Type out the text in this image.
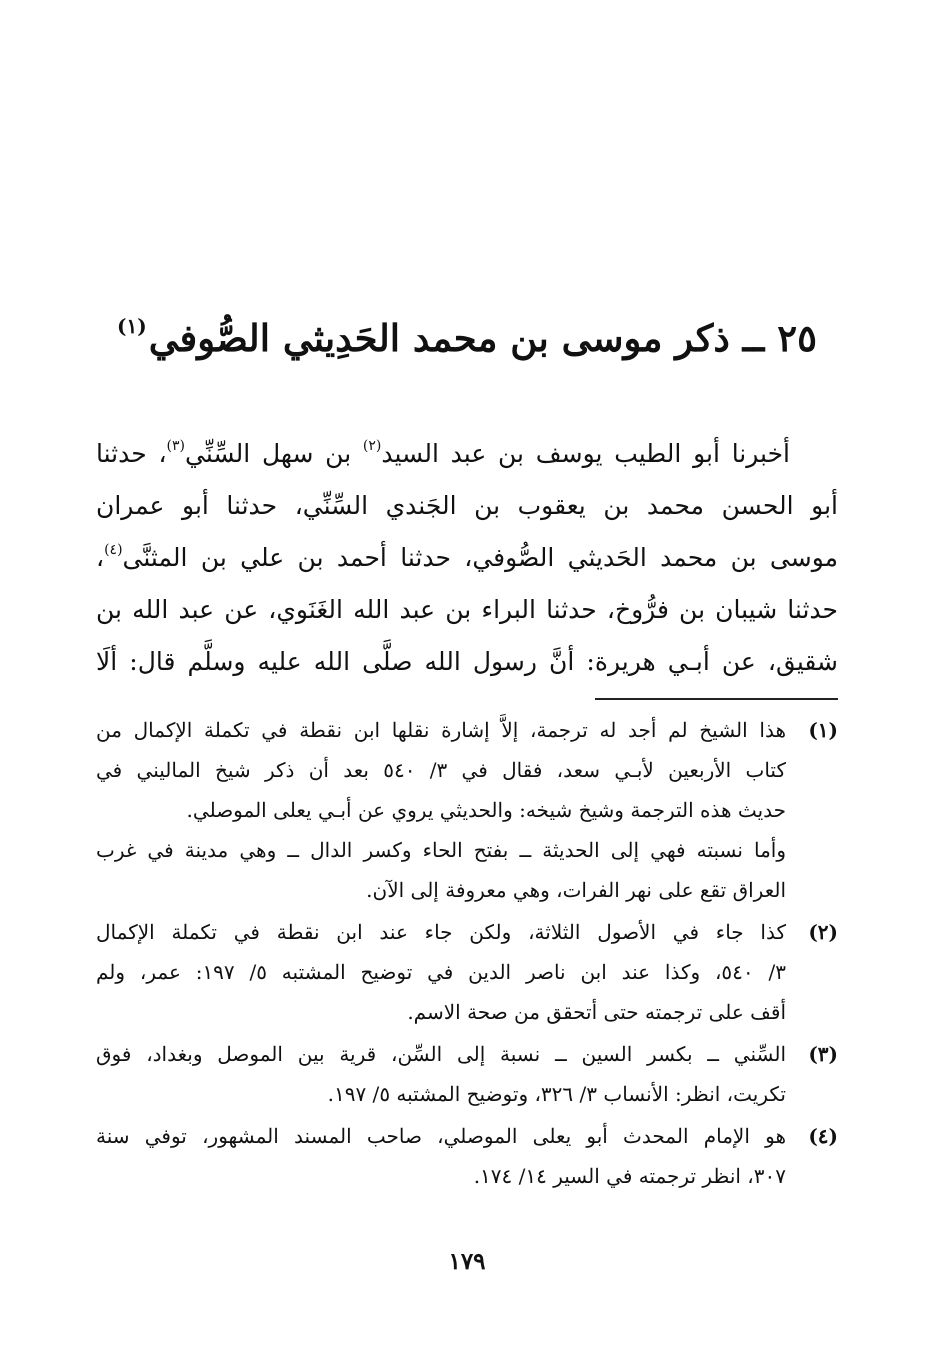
٢٥ ــ ذكر موسى بن محمد الحَدِيثي الصُّوفي$^{(١)}$
أخبرنا أبو الطيب يوسف بن عبد السيد$^{(٢)}$ بن سهل السِّنِّي$^{(٣)}$، حدثنا
أبو الحسن محمد بن يعقوب بن الجَندي السِّنِّي، حدثنا أبو عمران
موسى بن محمد الحَديثي الصُّوفي، حدثنا أحمد بن علي بن المثنَّى$^{(٤)}$،
حدثنا شيبان بن فرُّوخ، حدثنا البراء بن عبد الله الغَنَوي، عن عبد الله بن
شقيق، عن أبـي هريرة: أنَّ رسول الله صلَّى الله عليه وسلَّم قال: ألَا
(١)
هذا الشيخ لم أجد له ترجمة، إلاَّ إشارة نقلها ابن نقطة في تكملة الإكمال من
كتاب الأربعين لأبـي سعد، فقال في ٣/ ٥٤٠ بعد أن ذكر شيخ الماليني في
حديث هذه الترجمة وشيخ شيخه: والحديثي يروي عن أبـي يعلى الموصلي.
وأما نسبته فهي إلى الحديثة ــ بفتح الحاء وكسر الدال ــ وهي مدينة في غرب
العراق تقع على نهر الفرات، وهي معروفة إلى الآن.
(٢)
كذا جاء في الأصول الثلاثة، ولكن جاء عند ابن نقطة في تكملة الإكمال
٣/ ٥٤٠، وكذا عند ابن ناصر الدين في توضيح المشتبه ٥/ ١٩٧: عمر، ولم
أقف على ترجمته حتى أتحقق من صحة الاسم.
(٣)
السِّني ــ بكسر السين ــ نسبة إلى السِّن، قرية بين الموصل وبغداد، فوق
تكريت، انظر: الأنساب ٣/ ٣٢٦، وتوضيح المشتبه ٥/ ١٩٧.
(٤)
هو الإمام المحدث أبو يعلى الموصلي، صاحب المسند المشهور، توفي سنة
٣٠٧، انظر ترجمته في السير ١٤/ ١٧٤.
١٧٩
